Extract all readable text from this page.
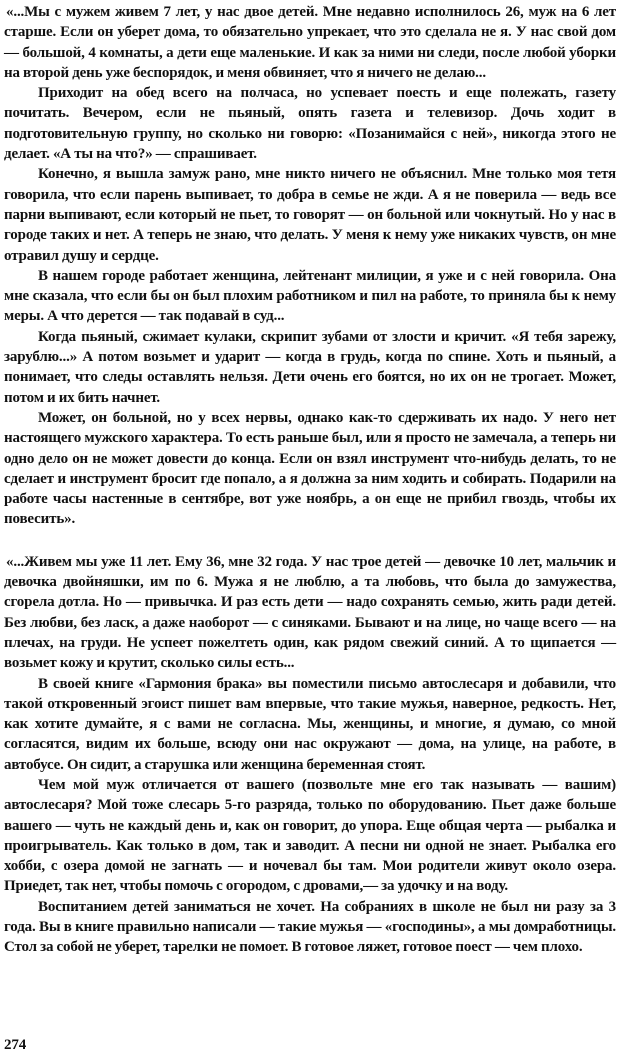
«...Мы с мужем живем 7 лет, у нас двое детей. Мне недавно исполнилось 26, муж на 6 лет старше. Если он уберет дома, то обязательно упрекает, что это сделала не я. У нас свой дом — большой, 4 комнаты, а дети еще маленькие. И как за ними ни следи, после любой уборки на второй день уже беспорядок, и меня обвиняет, что я ничего не делаю...

Приходит на обед всего на полчаса, но успевает поесть и еще полежать, газету почитать. Вечером, если не пьяный, опять газета и телевизор. Дочь ходит в подготовительную группу, но сколько ни говорю: «Позанимайся с ней», никогда этого не делает. «А ты на что?» — спрашивает.

Конечно, я вышла замуж рано, мне никто ничего не объяснил. Мне только моя тетя говорила, что если парень выпивает, то добра в семье не жди. А я не поверила — ведь все парни выпивают, если который не пьет, то говорят — он больной или чокнутый. Но у нас в городе таких и нет. А теперь не знаю, что делать. У меня к нему уже никаких чувств, он мне отравил душу и сердце.

В нашем городе работает женщина, лейтенант милиции, я уже и с ней говорила. Она мне сказала, что если бы он был плохим работником и пил на работе, то приняла бы к нему меры. А что дерется — так подавай в суд...

Когда пьяный, сжимает кулаки, скрипит зубами от злости и кричит. «Я тебя зарежу, зарублю...» А потом возьмет и ударит — когда в грудь, когда по спине. Хоть и пьяный, а понимает, что следы оставлять нельзя. Дети очень его боятся, но их он не трогает. Может, потом и их бить начнет.

Может, он больной, но у всех нервы, однако как-то сдерживать их надо. У него нет настоящего мужского характера. То есть раньше был, или я просто не замечала, а теперь ни одно дело он не может довести до конца. Если он взял инструмент что-нибудь делать, то не сделает и инструмент бросит где попало, а я должна за ним ходить и собирать. Подарили на работе часы настенные в сентябре, вот уже ноябрь, а он еще не прибил гвоздь, чтобы их повесить».

«...Живем мы уже 11 лет. Ему 36, мне 32 года. У нас трое детей — девочке 10 лет, мальчик и девочка двойняшки, им по 6. Мужа я не люблю, а та любовь, что была до замужества, сгорела дотла. Но — привычка. И раз есть дети — надо сохранять семью, жить ради детей. Без любви, без ласк, а даже наоборот — с синяками. Бывают и на лице, но чаще всего — на плечах, на груди. Не успеет пожелтеть один, как рядом свежий синий. А то щипается — возьмет кожу и крутит, сколько силы есть...

В своей книге «Гармония брака» вы поместили письмо автослесаря и добавили, что такой откровенный эгоист пишет вам впервые, что такие мужья, наверное, редкость. Нет, как хотите думайте, я с вами не согласна. Мы, женщины, и многие, я думаю, со мной согласятся, видим их больше, всюду они нас окружают — дома, на улице, на работе, в автобусе. Он сидит, а старушка или женщина беременная стоят.

Чем мой муж отличается от вашего (позвольте мне его так называть — вашим) автослесаря? Мой тоже слесарь 5-го разряда, только по оборудованию. Пьет даже больше вашего — чуть не каждый день и, как он говорит, до упора. Еще общая черта — рыбалка и проигрыватель. Как только в дом, так и заводит. А песни ни одной не знает. Рыбалка его хобби, с озера домой не загнать — и ночевал бы там. Мои родители живут около озера. Приедет, так нет, чтобы помочь с огородом, с дровами,— за удочку и на воду.

Воспитанием детей заниматься не хочет. На собраниях в школе не был ни разу за 3 года. Вы в книге правильно написали — такие мужья — «господины», а мы домработницы. Стол за собой не уберет, тарелки не помоет. В готовое ляжет, готовое поест — чем плохо.

274
